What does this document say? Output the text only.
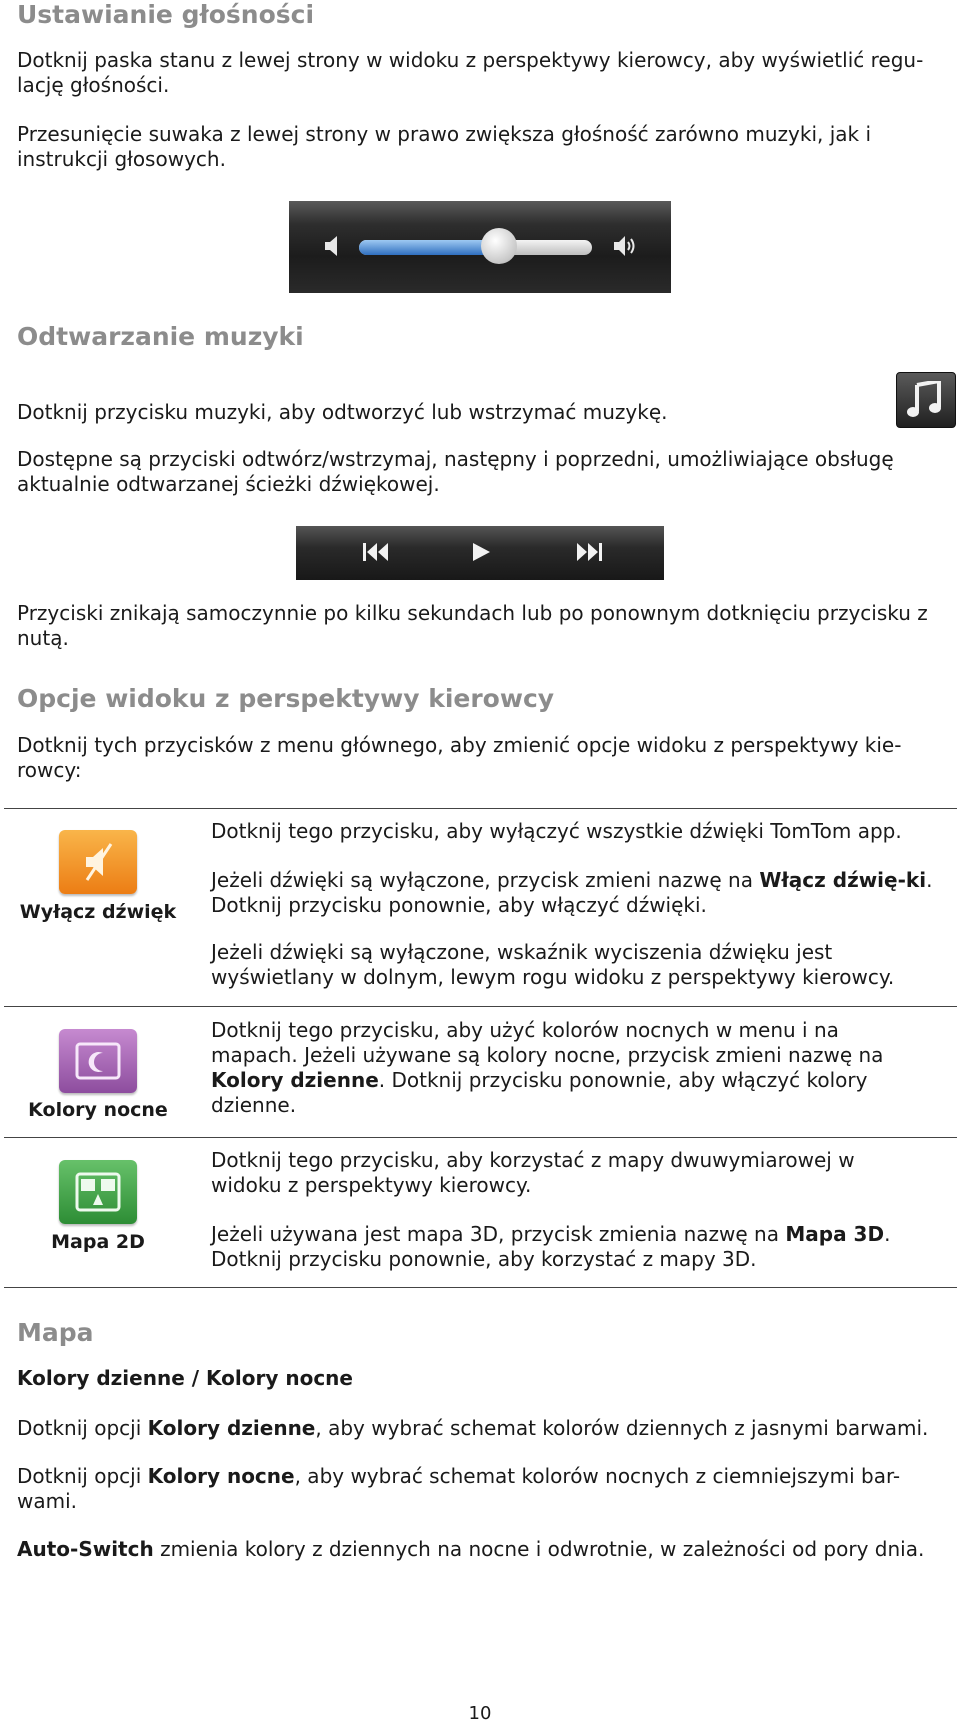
Ustawianie głośności

Dotknij paska stanu z lewej strony w widoku z perspektywy kierowcy, aby wyświetlić regu-lację głośności.

Przesunięcie suwaka z lewej strony w prawo zwiększa głośność zarówno muzyki, jak i instrukcji głosowych.

Odtwarzanie muzyki

Dotknij przycisku muzyki, aby odtworzyć lub wstrzymać muzykę.

Dostępne są przyciski odtwórz/wstrzymaj, następny i poprzedni, umożliwiające obsługę aktualnie odtwarzanej ścieżki dźwiękowej.

Przyciski znikają samoczynnie po kilku sekundach lub po ponownym dotknięciu przycisku z nutą.

Opcje widoku z perspektywy kierowcy

Dotknij tych przycisków z menu głównego, aby zmienić opcje widoku z perspektywy kie-rowcy:

Wyłącz dźwięk

Dotknij tego przycisku, aby wyłączyć wszystkie dźwięki TomTom app.

Jeżeli dźwięki są wyłączone, przycisk zmieni nazwę na Włącz dźwię-ki. Dotknij przycisku ponownie, aby włączyć dźwięki.

Jeżeli dźwięki są wyłączone, wskaźnik wyciszenia dźwięku jest wyświetlany w dolnym, lewym rogu widoku z perspektywy kierowcy.

Kolory nocne

Dotknij tego przycisku, aby użyć kolorów nocnych w menu i na mapach. Jeżeli używane są kolory nocne, przycisk zmieni nazwę na Kolory dzienne. Dotknij przycisku ponownie, aby włączyć kolory dzienne.

Mapa 2D

Dotknij tego przycisku, aby korzystać z mapy dwuwymiarowej w widoku z perspektywy kierowcy.

Jeżeli używana jest mapa 3D, przycisk zmienia nazwę na Mapa 3D. Dotknij przycisku ponownie, aby korzystać z mapy 3D.

Mapa

Kolory dzienne / Kolory nocne

Dotknij opcji Kolory dzienne, aby wybrać schemat kolorów dziennych z jasnymi barwami.

Dotknij opcji Kolory nocne, aby wybrać schemat kolorów nocnych z ciemniejszymi bar-wami.

Auto-Switch zmienia kolory z dziennych na nocne i odwrotnie, w zależności od pory dnia.

10
